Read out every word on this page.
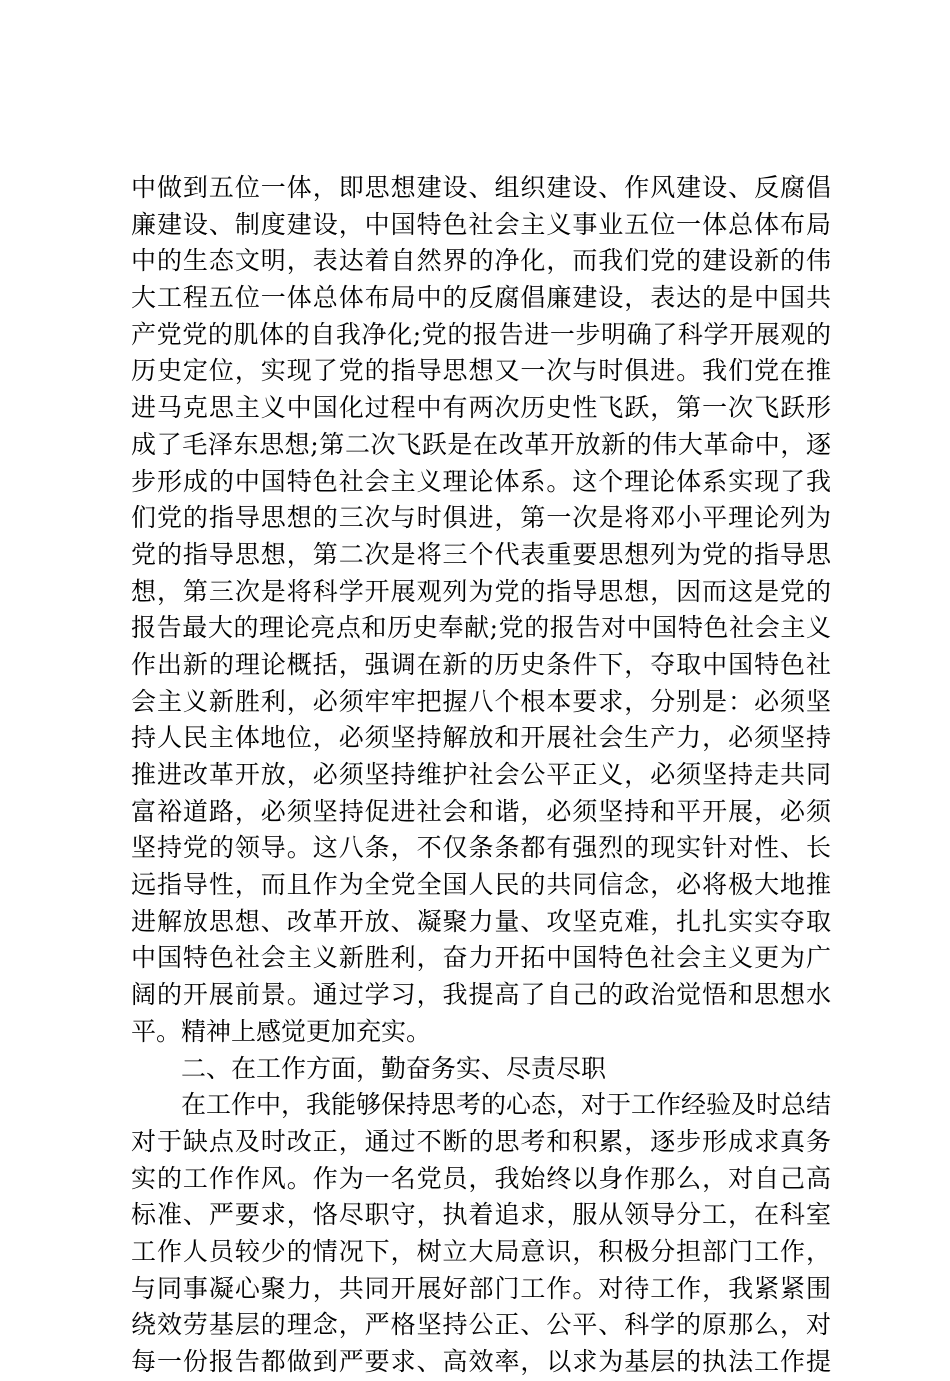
中做到五位一体，即思想建设、组织建设、作风建设、反腐倡
廉建设、制度建设，中国特色社会主义事业五位一体总体布局
中的生态文明，表达着自然界的净化，而我们党的建设新的伟
大工程五位一体总体布局中的反腐倡廉建设，表达的是中国共
产党党的肌体的自我净化;党的报告进一步明确了科学开展观的
历史定位，实现了党的指导思想又一次与时俱进。我们党在推
进马克思主义中国化过程中有两次历史性飞跃，第一次飞跃形
成了毛泽东思想;第二次飞跃是在改革开放新的伟大革命中，逐
步形成的中国特色社会主义理论体系。这个理论体系实现了我
们党的指导思想的三次与时俱进，第一次是将邓小平理论列为
党的指导思想，第二次是将三个代表重要思想列为党的指导思
想，第三次是将科学开展观列为党的指导思想，因而这是党的
报告最大的理论亮点和历史奉献;党的报告对中国特色社会主义
作出新的理论概括，强调在新的历史条件下，夺取中国特色社
会主义新胜利，必须牢牢把握八个根本要求，分别是：必须坚
持人民主体地位，必须坚持解放和开展社会生产力，必须坚持
推进改革开放，必须坚持维护社会公平正义，必须坚持走共同
富裕道路，必须坚持促进社会和谐，必须坚持和平开展，必须
坚持党的领导。这八条，不仅条条都有强烈的现实针对性、长
远指导性，而且作为全党全国人民的共同信念，必将极大地推
进解放思想、改革开放、凝聚力量、攻坚克难，扎扎实实夺取
中国特色社会主义新胜利，奋力开拓中国特色社会主义更为广
阔的开展前景。通过学习，我提高了自己的政治觉悟和思想水
平。精神上感觉更加充实。
二、在工作方面，勤奋务实、尽责尽职
在工作中，我能够保持思考的心态，对于工作经验及时总结
对于缺点及时改正，通过不断的思考和积累，逐步形成求真务
实的工作作风。作为一名党员，我始终以身作那么，对自己高
标准、严要求，恪尽职守，执着追求，服从领导分工，在科室
工作人员较少的情况下，树立大局意识，积极分担部门工作，
与同事凝心聚力，共同开展好部门工作。对待工作，我紧紧围
绕效劳基层的理念，严格坚持公正、公平、科学的原那么，对
每一份报告都做到严要求、高效率，以求为基层的执法工作提
